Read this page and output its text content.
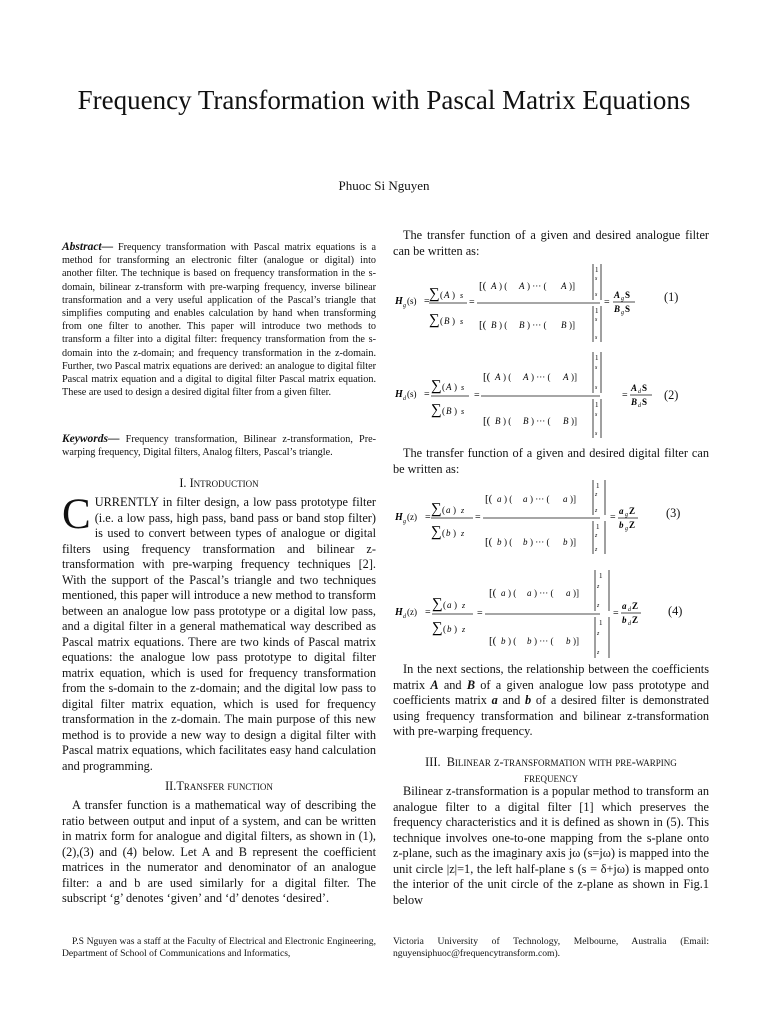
Frequency Transformation with Pascal Matrix Equations
Phuoc Si Nguyen
Abstract— Frequency transformation with Pascal matrix equations is a method for transforming an electronic filter (analogue or digital) into another filter. The technique is based on frequency transformation in the s-domain, bilinear z-transform with pre-warping frequency, inverse bilinear transformation and a very useful application of the Pascal’s triangle that simplifies computing and enables calculation by hand when transforming from one filter to another. This paper will introduce two methods to transform a filter into a digital filter: frequency transformation from the s-domain into the z-domain; and frequency transformation in the z-domain. Further, two Pascal matrix equations are derived: an analogue to digital filter Pascal matrix equation and a digital to digital filter Pascal matrix equation. These are used to design a desired digital filter from a given filter.
Keywords— Frequency transformation, Bilinear z-transformation, Pre-warping frequency, Digital filters, Analog filters, Pascal’s triangle.
I. Introduction
CURRENTLY in filter design, a low pass prototype filter (i.e. a low pass, high pass, band pass or band stop filter) is used to convert between types of analogue or digital filters using frequency transformation and bilinear z-transformation with pre-warping frequency techniques [2]. With the support of the Pascal’s triangle and two techniques mentioned, this paper will introduce a new method to transform between an analogue low pass prototype or a digital low pass, and a digital filter in a general mathematical way described as Pascal matrix equations. There are two kinds of Pascal matrix equations: the analogue low pass prototype to digital filter matrix equation, which is used for frequency transformation from the s-domain to the z-domain; and the digital low pass to digital filter matrix equation, which is used for frequency transformation in the z-domain. The main purpose of this new method is to provide a new way to design a digital filter with Pascal matrix equations, which facilitates easy hand calculation and programming.
II.Transfer function
A transfer function is a mathematical way of describing the ratio between output and input of a system, and can be written in matrix form for analogue and digital filters, as shown in (1),(2),(3) and (4) below. Let A and B represent the coefficient matrices in the numerator and denominator of an analogue filter: a and b are used similarly for a digital filter. The subscript ‘g’ denotes ‘given’ and ‘d’ denotes ‘desired’.
The transfer function of a given and desired analogue filter can be written as:
H g (s) = ∑ ( A ) s
∑ ( B ) s
=
[( A ) ( A ) ··· ( A )]
[( B ) ( B ) ··· ( B )]
1
s
s
1
s
s
=
A g S
B g S
(1)
H d (s) =
∑ ( A ) s
∑ ( B ) s
=
[( A ) ( A ) ··· ( A )]
[( B ) ( B ) ··· ( B )]
1
s
s
1
s
s
=
A d S
B d S (2)
The transfer function of a given and desired digital filter can be written as:
H g (z) =
∑ ( a ) z
∑ ( b ) z
=
[( a ) ( a ) ··· ( a )]
[( b ) ( b ) ··· ( b )]
1
z
z
1
z
z
=
a g Z
b g Z
(3)
H d (z) =
∑ ( a ) z
∑ ( b ) z
=
[( a ) ( a ) ··· ( a )]
[( b ) ( b ) ··· ( b )]
1
z
z
1
z
z
=
a d Z
b d Z
(4)
In the next sections, the relationship between the coefficients matrix A and B of a given analogue low pass prototype and coefficients matrix a and b of a desired filter is demonstrated using frequency transformation and bilinear z-transformation with pre-warping frequency.
III. Bilinear z-transformation with pre-warping
frequency
Bilinear z-transformation is a popular method to transform an analogue filter to a digital filter [1] which preserves the frequency characteristics and it is defined as shown in (5). This technique involves one-to-one mapping from the s-plane onto z-plane, such as the imaginary axis jω (s=jω) is mapped into the unit circle |z|=1, the left half-plane s (s = δ+jω) is mapped onto the interior of the unit circle of the z-plane as shown in Fig.1 below
P.S Nguyen was a staff at the Faculty of Electrical and Electronic Engineering, Department of School of Communications and Informatics,
Victoria University of Technology, Melbourne, Australia (Email: nguyensiphuoc@frequencytransform.com).
